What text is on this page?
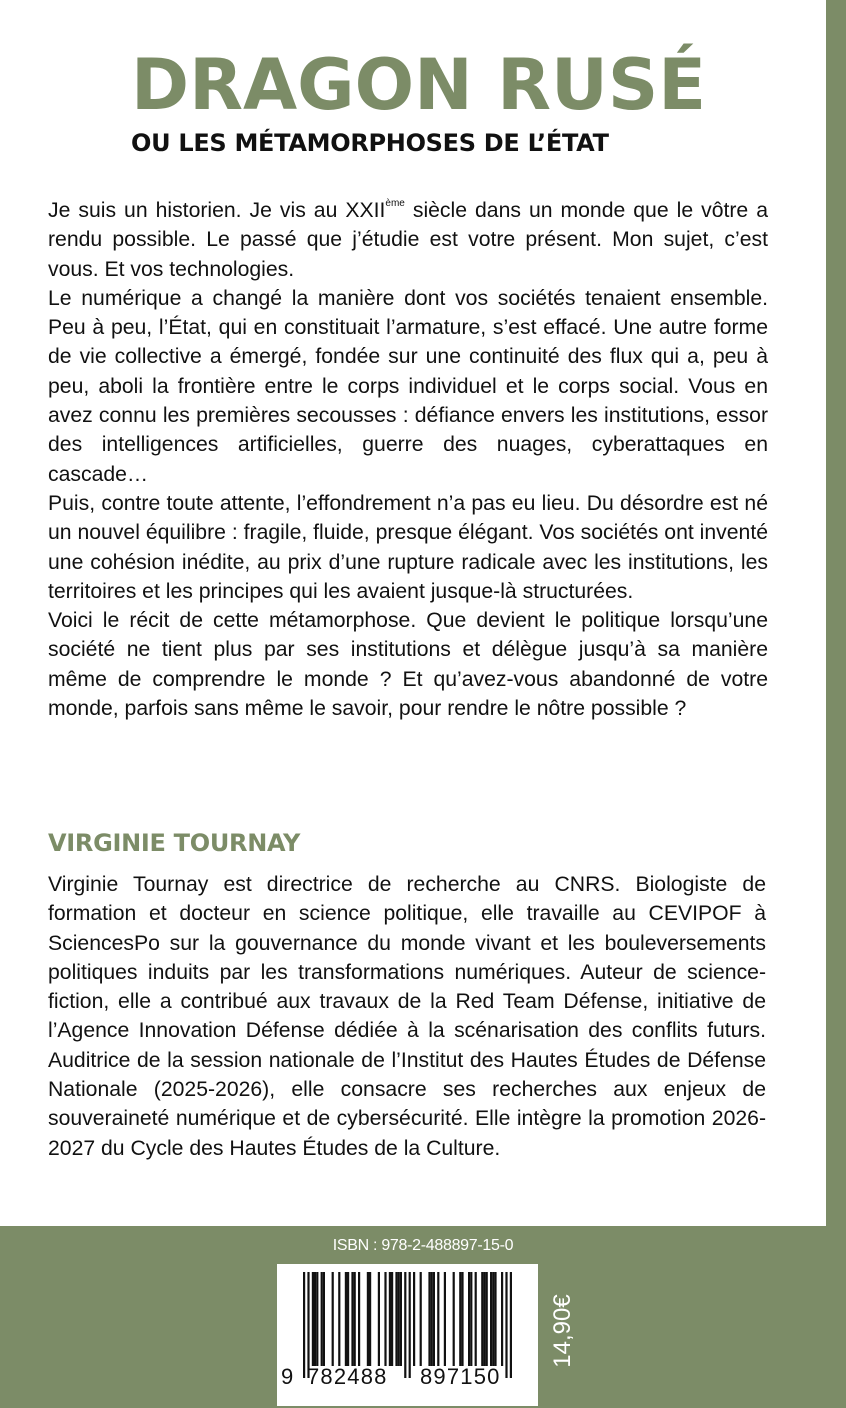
DRAGON RUSÉ
OU LES MÉTAMORPHOSES DE L’ÉTAT

Je suis un historien. Je vis au XXIIème siècle dans un monde que le vôtre a rendu possible. Le passé que j’étudie est votre présent. Mon sujet, c’est vous. Et vos technologies.

Le numérique a changé la manière dont vos sociétés tenaient ensemble. Peu à peu, l’État, qui en constituait l’armature, s’est effacé. Une autre forme de vie collective a émergé, fondée sur une continuité des flux qui a, peu à peu, aboli la frontière entre le corps individuel et le corps social. Vous en avez connu les premières secousses : défiance envers les institutions, essor des intelligences artificielles, guerre des nuages, cyberattaques en cascade…

Puis, contre toute attente, l’effondrement n’a pas eu lieu. Du désordre est né un nouvel équilibre : fragile, fluide, presque élégant. Vos sociétés ont inventé une cohésion inédite, au prix d’une rupture radicale avec les institutions, les territoires et les principes qui les avaient jusque-là structurées.

Voici le récit de cette métamorphose. Que devient le politique lorsqu’une société ne tient plus par ses institutions et délègue jusqu’à sa manière même de comprendre le monde ? Et qu’avez-vous abandonné de votre monde, parfois sans même le savoir, pour rendre le nôtre possible ?

VIRGINIE TOURNAY

Virginie Tournay est directrice de recherche au CNRS. Biologiste de formation et docteur en science politique, elle travaille au CEVIPOF à SciencesPo sur la gouvernance du monde vivant et les bouleversements politiques induits par les transformations numériques. Auteur de science-fiction, elle a contribué aux travaux de la Red Team Défense, initiative de l’Agence Innovation Défense dédiée à la scénarisation des conflits futurs. Auditrice de la session nationale de l’Institut des Hautes Études de Défense Nationale (2025-2026), elle consacre ses recherches aux enjeux de souveraineté numérique et de cybersécurité. Elle intègre la promotion 2026-2027 du Cycle des Hautes Études de la Culture.

ISBN : 978-2-488897-15-0
9 782488 897150
14,90€
